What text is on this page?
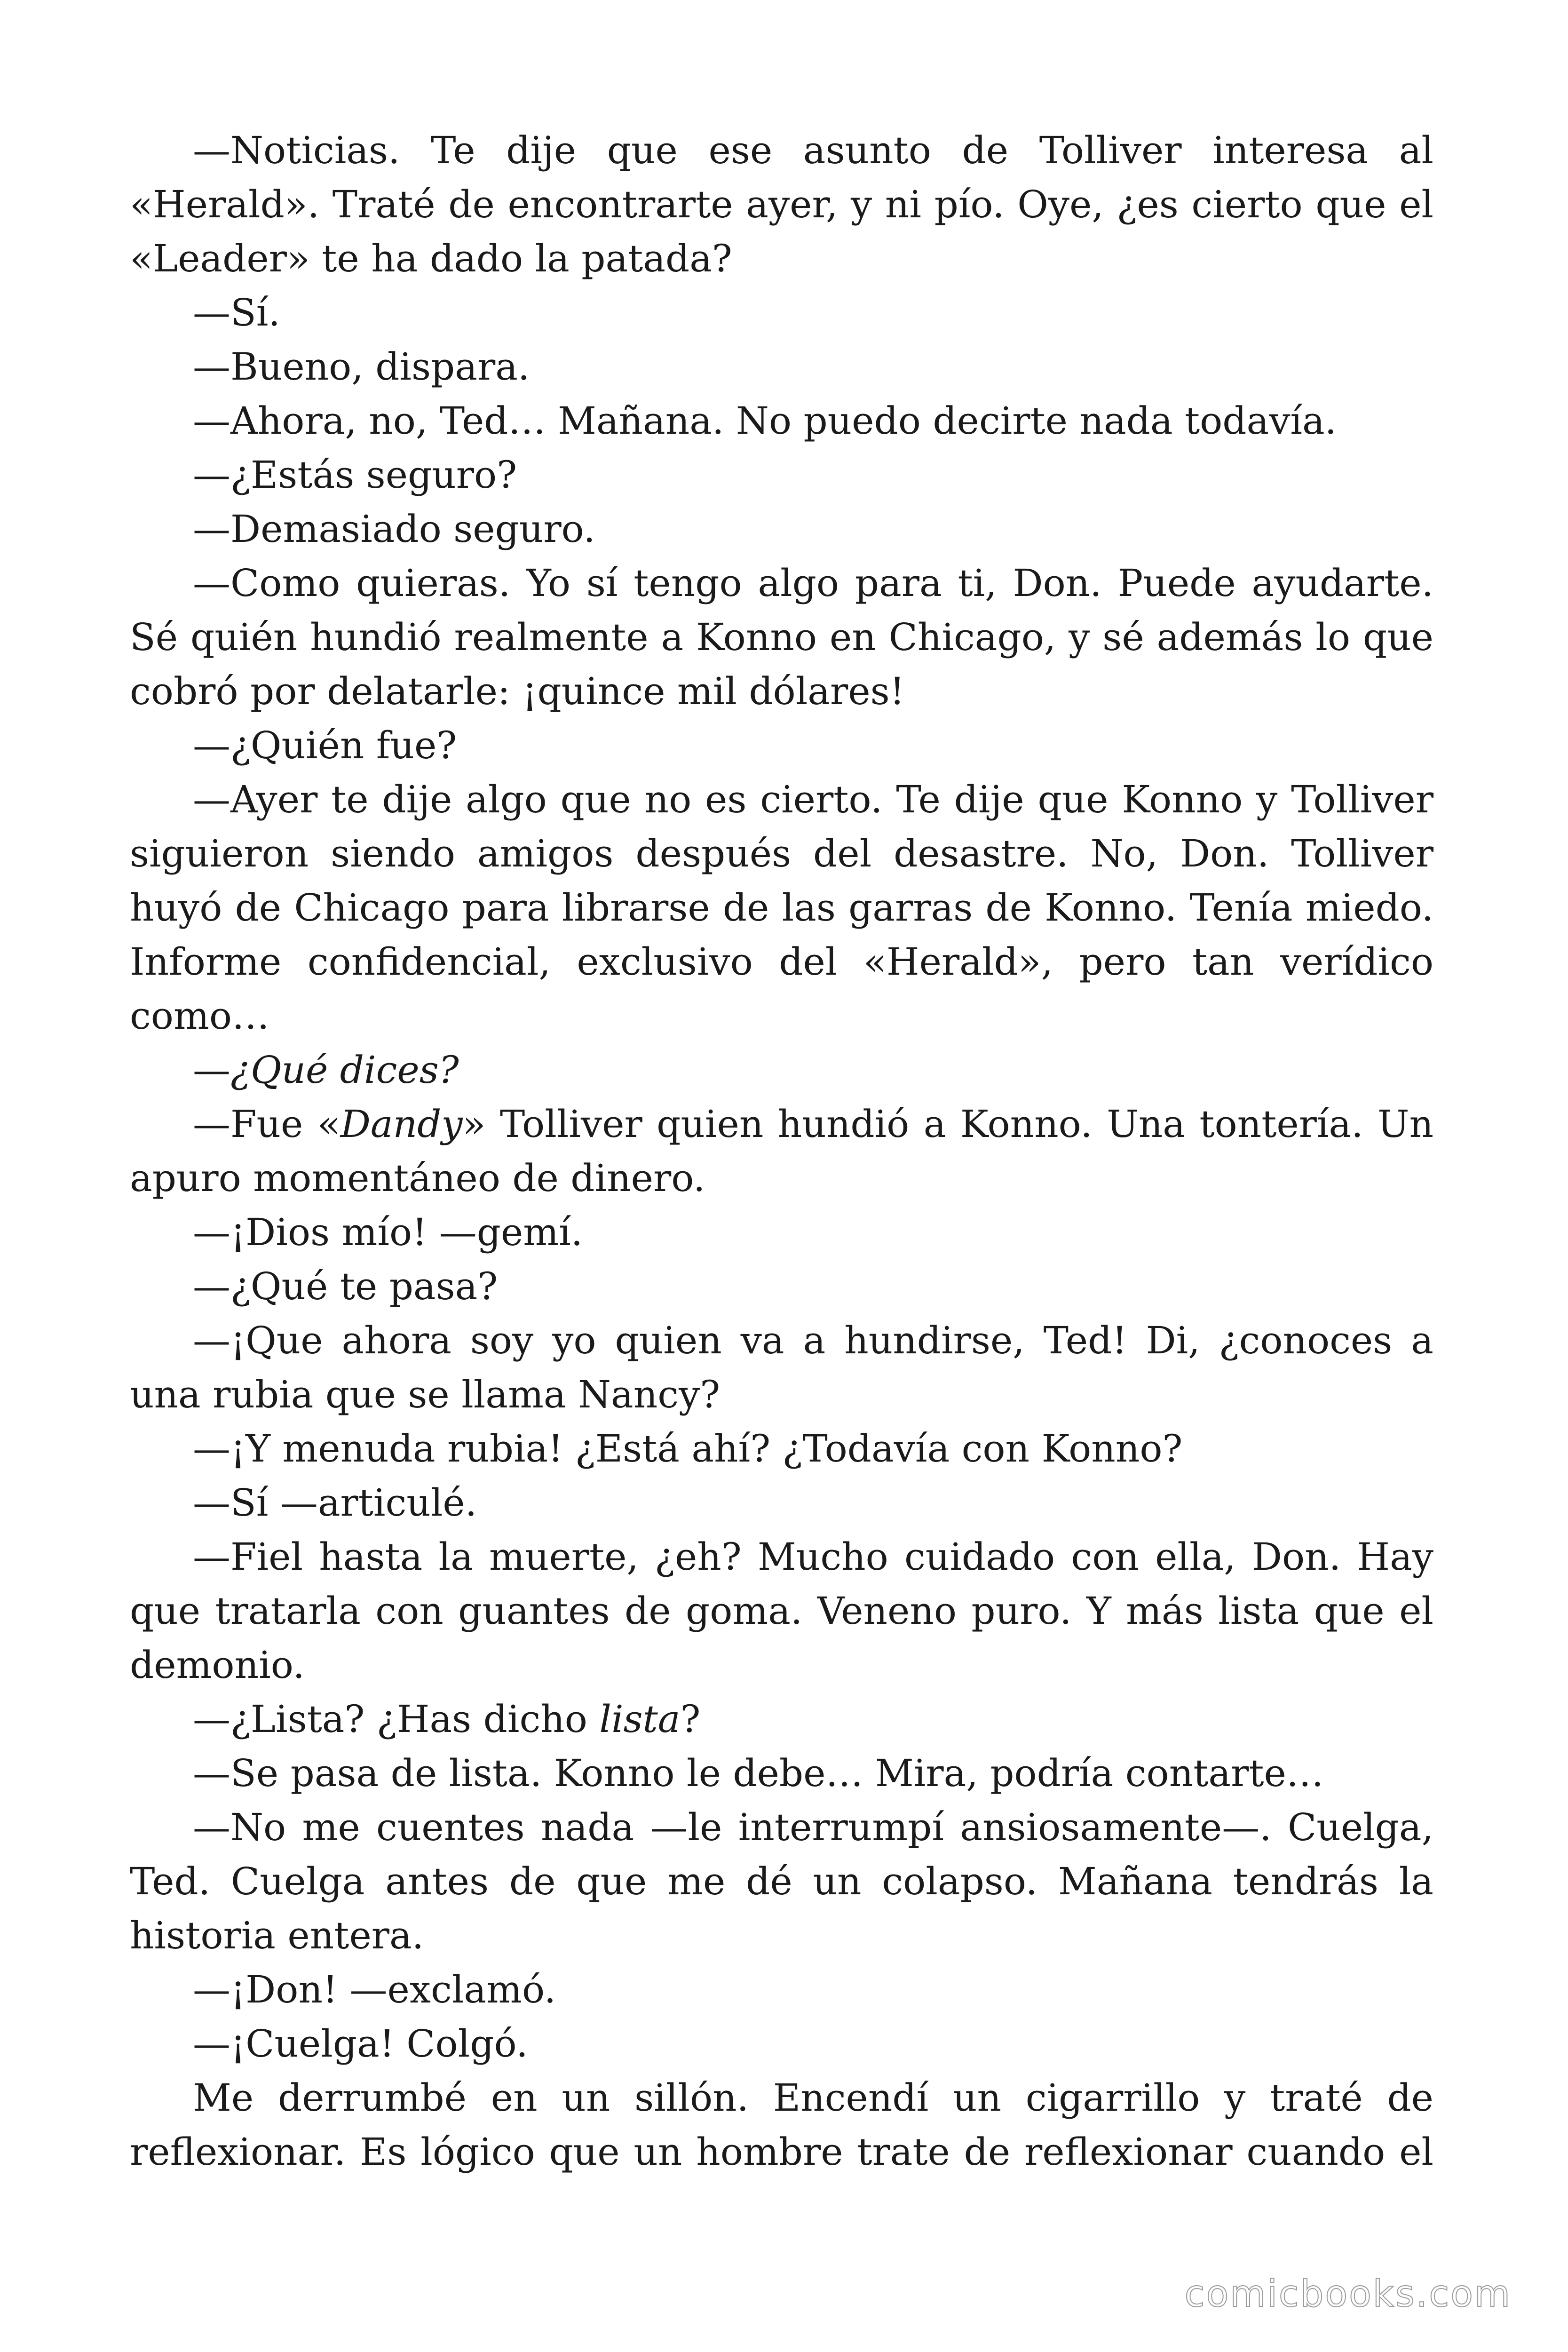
—Noticias. Te dije que ese asunto de Tolliver interesa al «Herald». Traté de encontrarte ayer, y ni pío. Oye, ¿es cierto que el «Leader» te ha dado la patada?

—Sí.

—Bueno, dispara.

—Ahora, no, Ted… Mañana. No puedo decirte nada todavía.

—¿Estás seguro?

—Demasiado seguro.

—Como quieras. Yo sí tengo algo para ti, Don. Puede ayudarte. Sé quién hundió realmente a Konno en Chicago, y sé además lo que cobró por delatarle: ¡quince mil dólares!

—¿Quién fue?

—Ayer te dije algo que no es cierto. Te dije que Konno y Tolliver siguieron siendo amigos después del desastre. No, Don. Tolliver huyó de Chicago para librarse de las garras de Konno. Tenía miedo. Informe confidencial, exclusivo del «Herald», pero tan verídico como…

—¿Qué dices?

—Fue «Dandy» Tolliver quien hundió a Konno. Una tontería. Un apuro momentáneo de dinero.

—¡Dios mío! —gemí.

—¿Qué te pasa?

—¡Que ahora soy yo quien va a hundirse, Ted! Di, ¿conoces a una rubia que se llama Nancy?

—¡Y menuda rubia! ¿Está ahí? ¿Todavía con Konno?

—Sí —articulé.

—Fiel hasta la muerte, ¿eh? Mucho cuidado con ella, Don. Hay que tratarla con guantes de goma. Veneno puro. Y más lista que el demonio.

—¿Lista? ¿Has dicho lista?

—Se pasa de lista. Konno le debe… Mira, podría contarte…

—No me cuentes nada —le interrumpí ansiosamente—. Cuelga, Ted. Cuelga antes de que me dé un colapso. Mañana tendrás la historia entera.

—¡Don! —exclamó.

—¡Cuelga! Colgó.

Me derrumbé en un sillón. Encendí un cigarrillo y traté de reflexionar. Es lógico que un hombre trate de reflexionar cuando el

comicbooks.com
